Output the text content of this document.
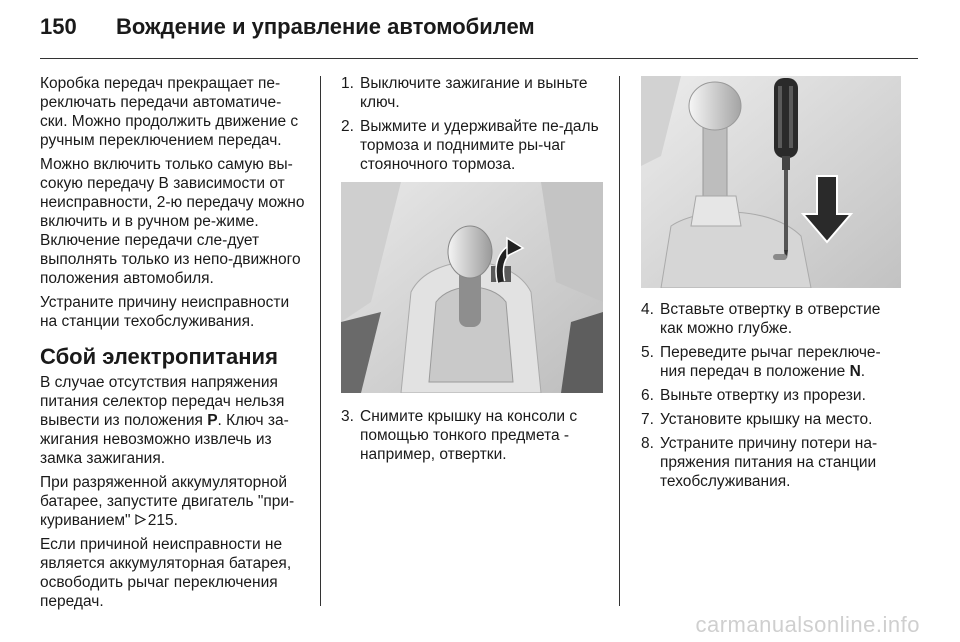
150	Вождение и управление автомобилем

Коробка передач прекращает пе-реключать передачи автоматиче-ски. Можно продолжить движение с ручным переключением передач.

Можно включить только самую вы-сокую передачу В зависимости от неисправности, 2-ю передачу можно включить и в ручном ре-жиме. Включение передачи сле-дует выполнять только из непо-движного положения автомобиля.

Устраните причину неисправности на станции техобслуживания.

Сбой электропитания

В случае отсутствия напряжения питания селектор передач нельзя вывести из положения P. Ключ за-жигания невозможно извлечь из замка зажигания.

При разряженной аккумуляторной батарее, запустите двигатель "при-куриванием" 215.

Если причиной неисправности не является аккумуляторная батарея, освободить рычаг переключения передач.

1. Выключите зажигание и выньте ключ.
2. Выжмите и удерживайте пе-даль тормоза и поднимите ры-чаг стояночного тормоза.
3. Снимите крышку на консоли с помощью тонкого предмета - например, отвертки.
4. Вставьте отвертку в отверстие как можно глубже.
5. Переведите рычаг переключе-ния передач в положение N.
6. Выньте отвертку из прорези.
7. Установите крышку на место.
8. Устраните причину потери на-пряжения питания на станции техобслуживания.
carmanualsonline.info
